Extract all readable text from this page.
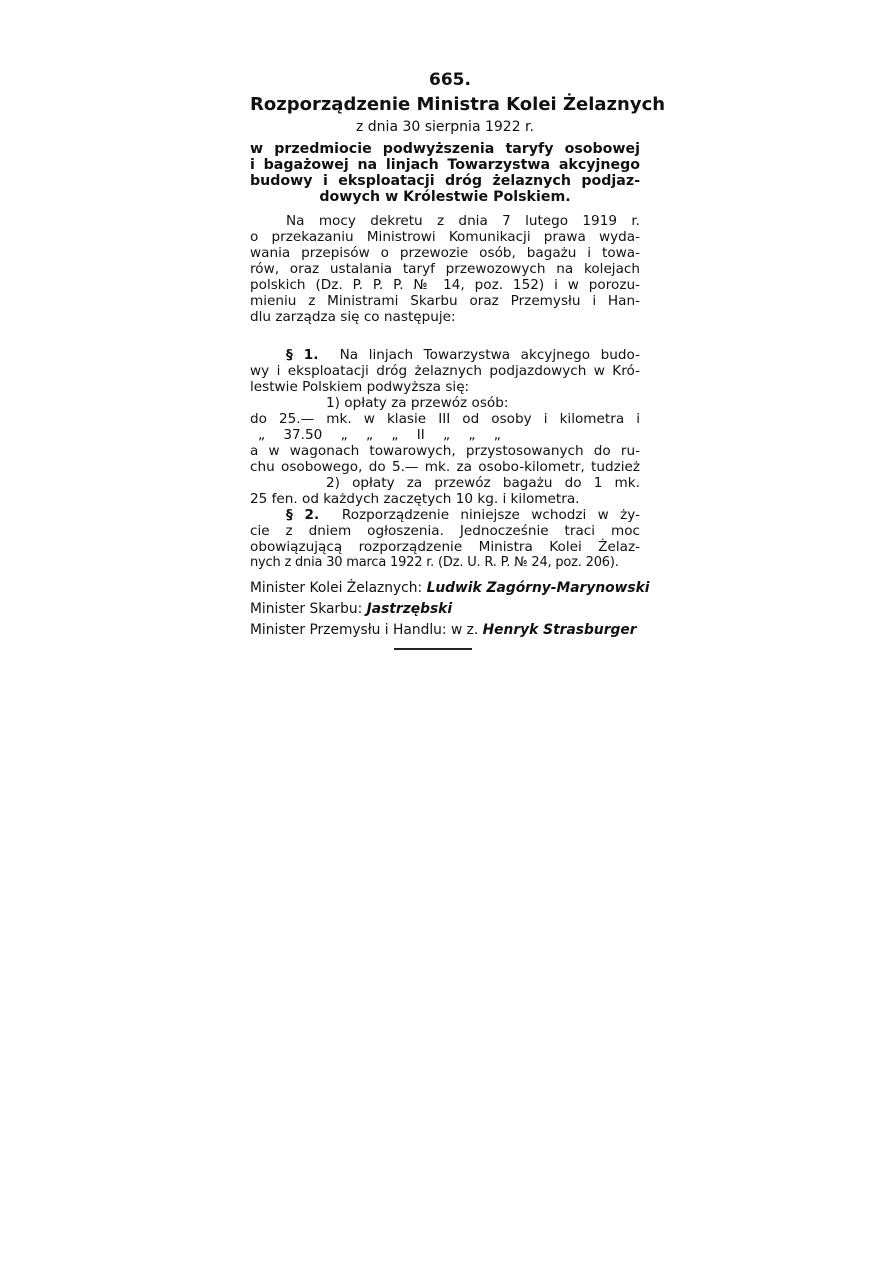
665.
Rozporządzenie Ministra Kolei Żelaznych
z dnia 30 sierpnia 1922 r.
w przedmiocie podwyższenia taryfy osobowej
i bagażowej na linjach Towarzystwa akcyjnego
budowy i eksploatacji dróg żelaznych podjaz-
dowych w Królestwie Polskiem.
Na mocy dekretu z dnia 7 lutego 1919 r.
o przekazaniu Ministrowi Komunikacji prawa wyda-
wania przepisów o przewozie osób, bagażu i towa-
rów, oraz ustalania taryf przewozowych na kolejach
polskich (Dz. P. P. P. № 14, poz. 152) i w porozu-
mieniu z Ministrami Skarbu oraz Przemysłu i Han-
dlu zarządza się co następuje:
§ 1. Na linjach Towarzystwa akcyjnego budo-
wy i eksploatacji dróg żelaznych podjazdowych w Kró-
lestwie Polskiem podwyższa się:
1) opłaty za przewóz osób:
do 25.— mk. w klasie III od osoby i kilometra i
„ 37.50 „ „ „ II „ „ „
a w wagonach towarowych, przystosowanych do ru-
chu osobowego, do 5.— mk. za osobo-kilometr, tudzież
2) opłaty za przewóz bagażu do 1 mk.
25 fen. od każdych zaczętych 10 kg. i kilometra.
§ 2. Rozporządzenie niniejsze wchodzi w ży-
cie z dniem ogłoszenia. Jednocześnie traci moc
obowiązującą rozporządzenie Ministra Kolei Żelaz-
nych z dnia 30 marca 1922 r. (Dz. U. R. P. № 24, poz. 206).
Minister Kolei Żelaznych: Ludwik Zagórny-Marynowski
Minister Skarbu: Jastrzębski
Minister Przemysłu i Handlu: w z. Henryk Strasburger
